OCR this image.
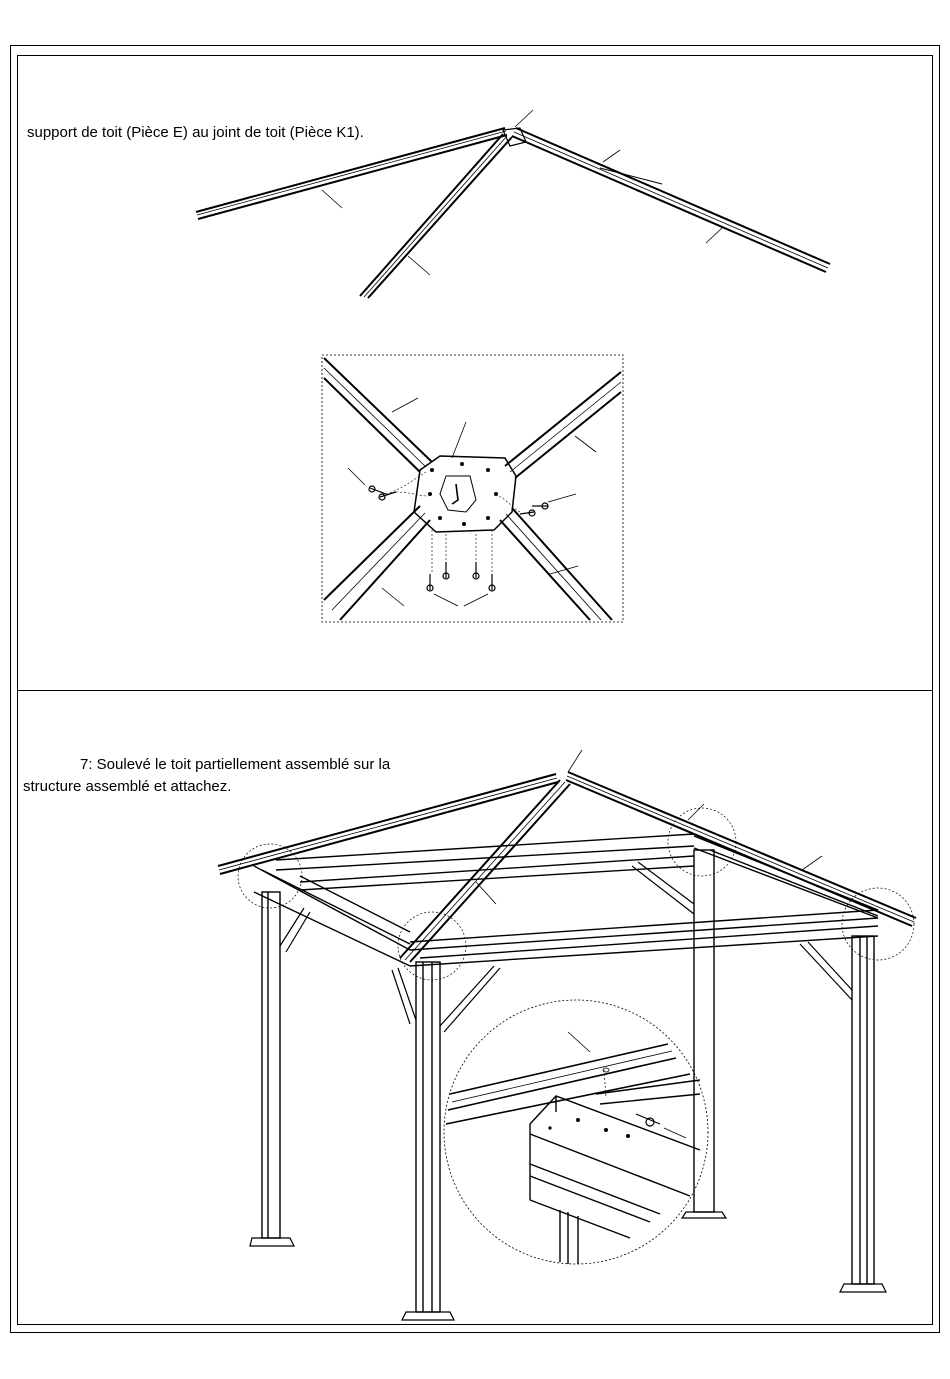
support de toit (Pièce E) au joint de toit (Pièce K1).
7: Soulevé le toit partiellement assemblé sur la
structure assemblé et attachez.
